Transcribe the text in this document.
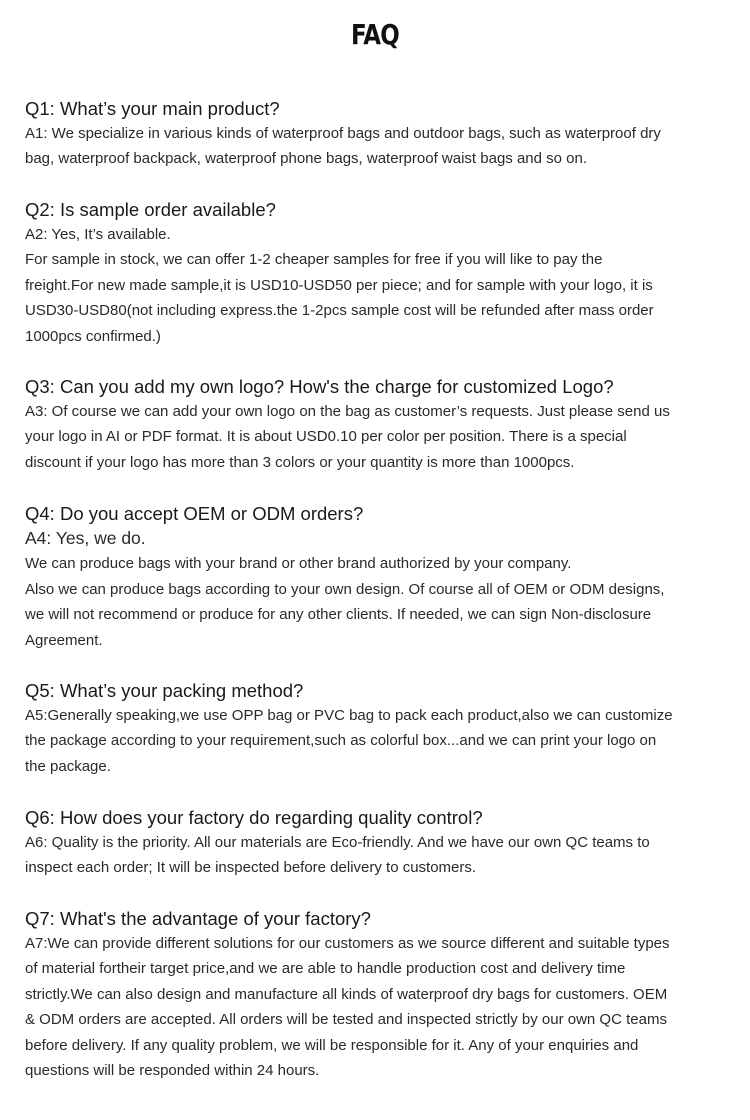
FAQ

Q1: What’s your main product?

A1: We specialize in various kinds of waterproof bags and outdoor bags, such as waterproof dry

bag, waterproof backpack, waterproof phone bags, waterproof waist bags and so on.

Q2: Is sample order available?

A2: Yes, It’s available.

For sample in stock, we can offer 1-2 cheaper samples for free if you will like to pay the

freight.For new made sample,it is USD10-USD50 per piece; and for sample with your logo, it is

USD30-USD80(not including express.the 1-2pcs sample cost will be refunded after mass order

1000pcs confirmed.)

Q3: Can you add my own logo? How's the charge for customized Logo?

A3: Of course we can add your own logo on the bag as customer’s requests. Just please send us

your logo in AI or PDF format. It is about USD0.10 per color per position. There is a special

discount if your logo has more than 3 colors or your quantity is more than 1000pcs.

Q4: Do you accept OEM or ODM orders?

A4: Yes, we do.

We can produce bags with your brand or other brand authorized by your company.

Also we can produce bags according to your own design. Of course all of OEM or ODM designs,

we will not recommend or produce for any other clients. If needed, we can sign Non-disclosure

Agreement.

Q5: What’s your packing method?

A5:Generally speaking,we use OPP bag or PVC bag to pack each product,also we can customize

the package according to your requirement,such as colorful box...and we can print your logo on

the package.

Q6: How does your factory do regarding quality control?

A6: Quality is the priority. All our materials are Eco-friendly. And we have our own QC teams to

inspect each order; It will be inspected before delivery to customers.

Q7: What's the advantage of your factory?

A7:We can provide different solutions for our customers as we source different and suitable types

of material fortheir target price,and we are able to handle production cost and delivery time

strictly.We can also design and manufacture all kinds of waterproof dry bags for customers. OEM

& ODM orders are accepted. All orders will be tested and inspected strictly by our own QC teams

before delivery. If any quality problem, we will be responsible for it. Any of your enquiries and

questions will be responded within 24 hours.
